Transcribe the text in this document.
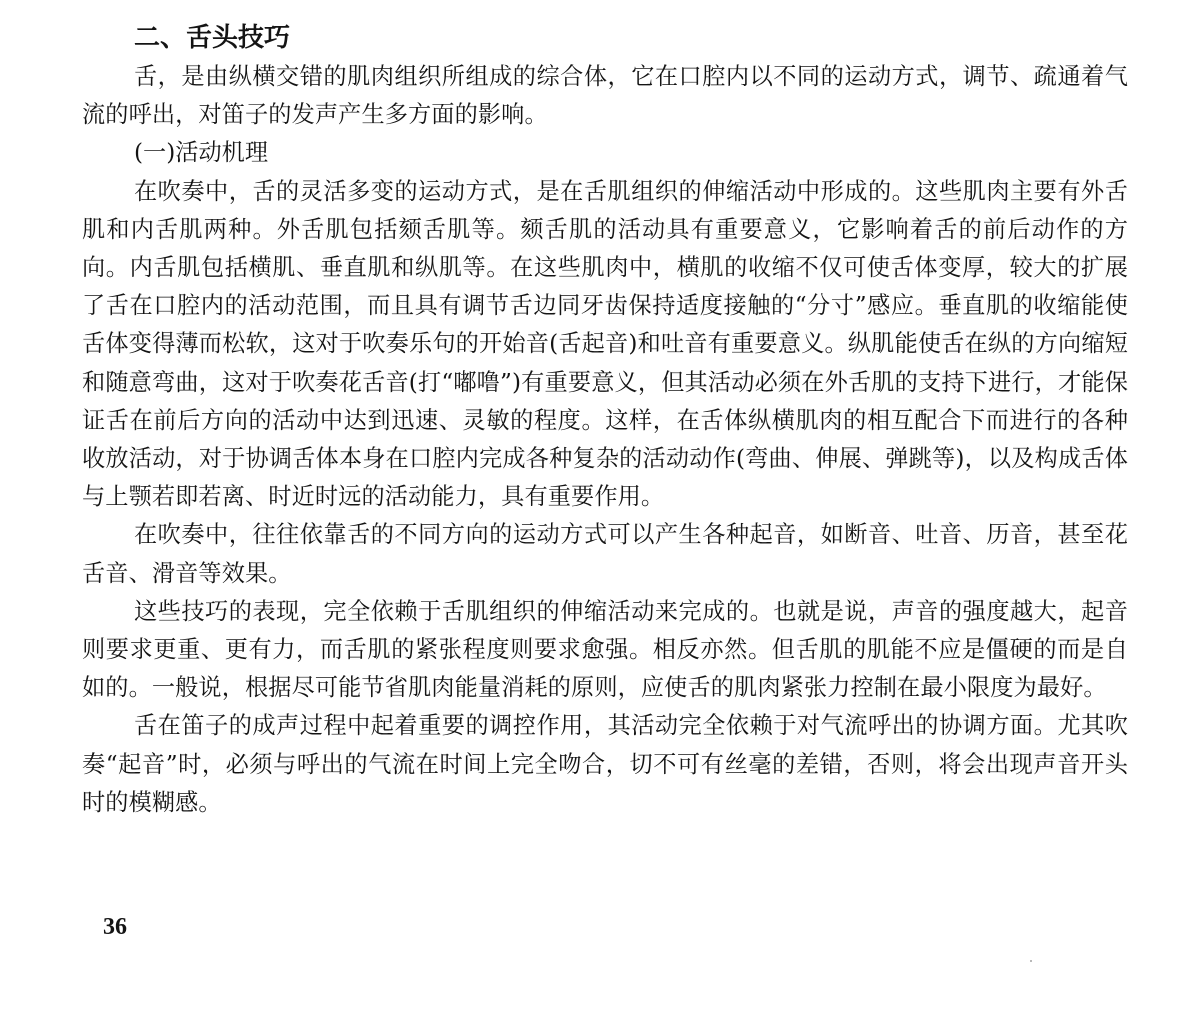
二、舌头技巧

舌，是由纵横交错的肌肉组织所组成的综合体，它在口腔内以不同的运动方式，调节、疏通着气流的呼出，对笛子的发声产生多方面的影响。

(一)活动机理

在吹奏中，舌的灵活多变的运动方式，是在舌肌组织的伸缩活动中形成的。这些肌肉主要有外舌肌和内舌肌两种。外舌肌包括颏舌肌等。颏舌肌的活动具有重要意义，它影响着舌的前后动作的方向。内舌肌包括横肌、垂直肌和纵肌等。在这些肌肉中，横肌的收缩不仅可使舌体变厚，较大的扩展了舌在口腔内的活动范围，而且具有调节舌边同牙齿保持适度接触的“分寸”感应。垂直肌的收缩能使舌体变得薄而松软，这对于吹奏乐句的开始音(舌起音)和吐音有重要意义。纵肌能使舌在纵的方向缩短和随意弯曲，这对于吹奏花舌音(打“嘟噜”)有重要意义，但其活动必须在外舌肌的支持下进行，才能保证舌在前后方向的活动中达到迅速、灵敏的程度。这样，在舌体纵横肌肉的相互配合下而进行的各种收放活动，对于协调舌体本身在口腔内完成各种复杂的活动动作(弯曲、伸展、弹跳等)，以及构成舌体与上颚若即若离、时近时远的活动能力，具有重要作用。

在吹奏中，往往依靠舌的不同方向的运动方式可以产生各种起音，如断音、吐音、历音，甚至花舌音、滑音等效果。

这些技巧的表现，完全依赖于舌肌组织的伸缩活动来完成的。也就是说，声音的强度越大，起音则要求更重、更有力，而舌肌的紧张程度则要求愈强。相反亦然。但舌肌的肌能不应是僵硬的而是自如的。一般说，根据尽可能节省肌肉能量消耗的原则，应使舌的肌肉紧张力控制在最小限度为最好。

舌在笛子的成声过程中起着重要的调控作用，其活动完全依赖于对气流呼出的协调方面。尤其吹奏“起音”时，必须与呼出的气流在时间上完全吻合，切不可有丝毫的差错，否则，将会出现声音开头时的模糊感。

36
